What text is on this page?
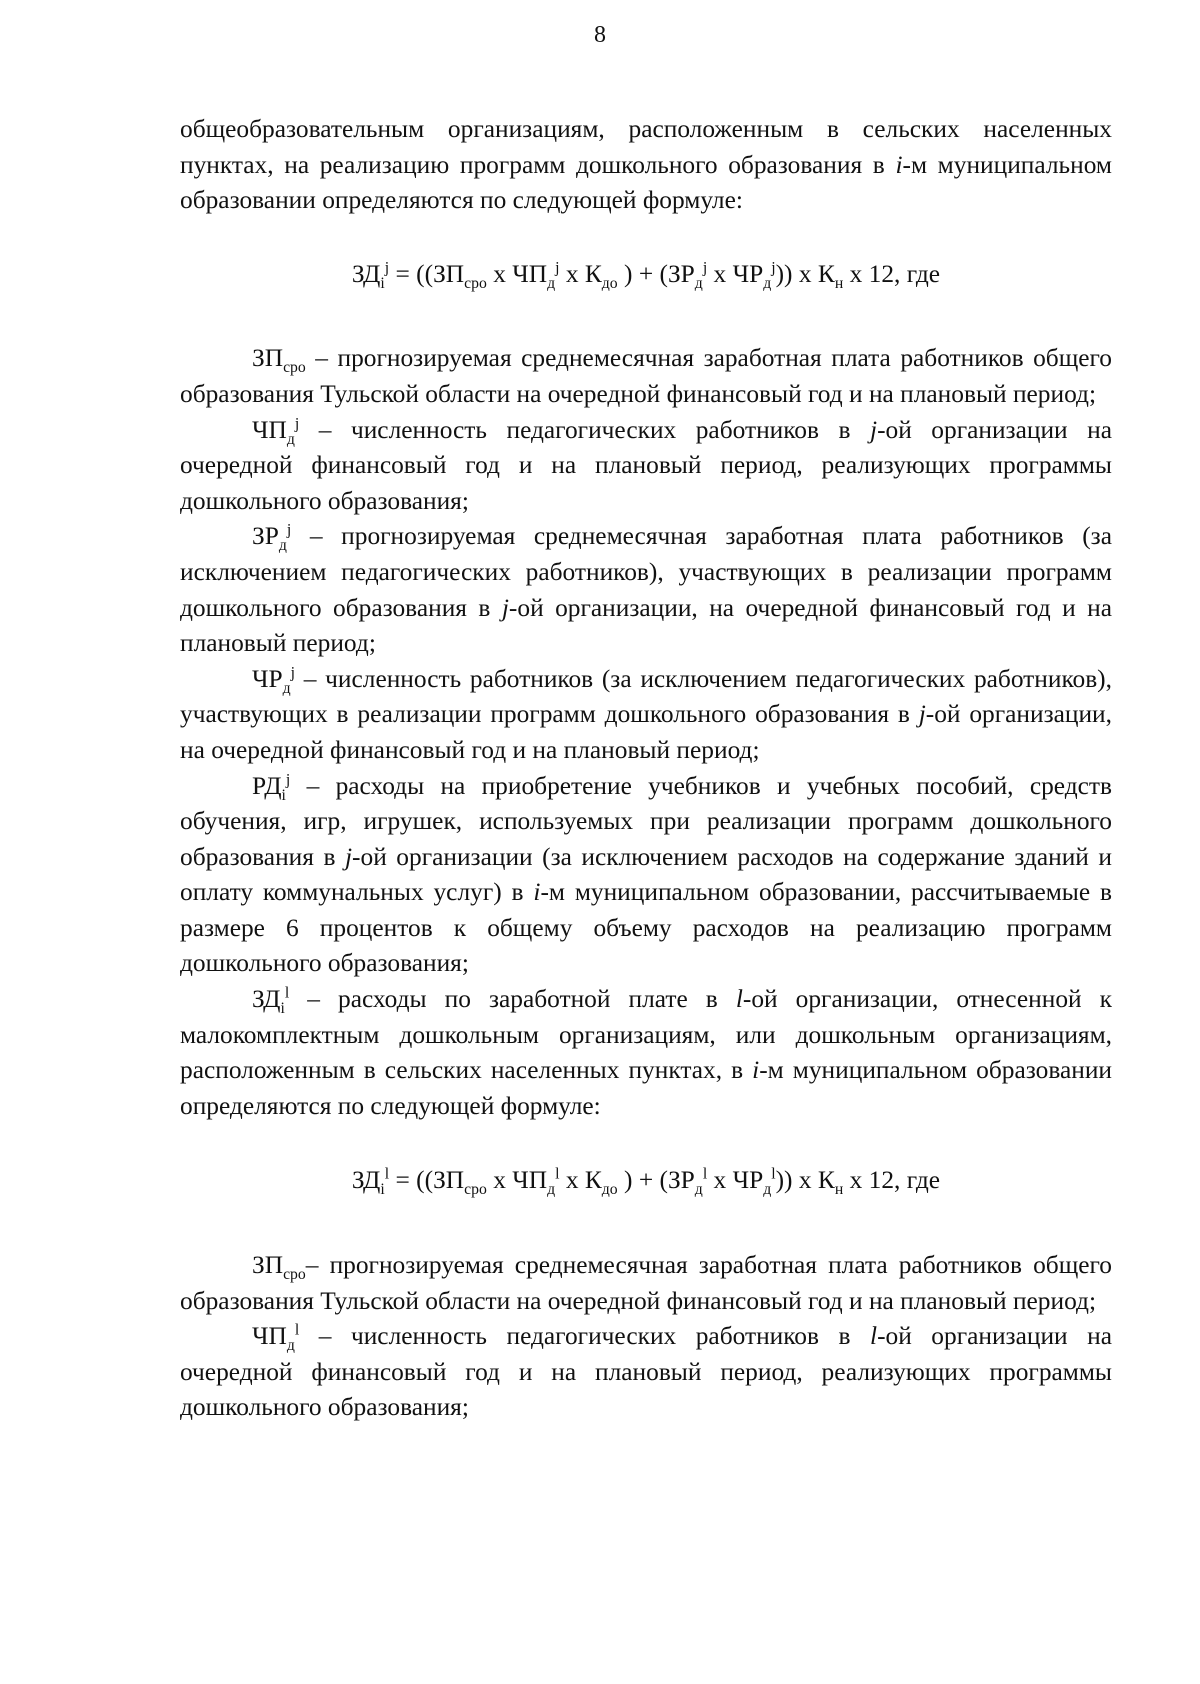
8

общеобразовательным организациям, расположенным в сельских населенных пунктах, на реализацию программ дошкольного образования в i-м муниципальном образовании определяются по следующей формуле:

$ЗД_i^j = ((ЗП_{сро}$ х $ЧП_д^j$ х $К_{до}$ ) + ($ЗР_д^j$ х $ЧР_д^j$)) х $К_н$ х 12, где

$ЗП_{сро}$ – прогнозируемая среднемесячная заработная плата работников общего образования Тульской области на очередной финансовый год и на плановый период;

$ЧП_д^j$ – численность педагогических работников в j-ой организации на очередной финансовый год и на плановый период, реализующих программы дошкольного образования;

$ЗР_д^j$ – прогнозируемая среднемесячная заработная плата работников (за исключением педагогических работников), участвующих в реализации программ дошкольного образования в j-ой организации, на очередной финансовый год и на плановый период;

$ЧР_д^j$ – численность работников (за исключением педагогических работников), участвующих в реализации программ дошкольного образования в j-ой организации, на очередной финансовый год и на плановый период;

$РД_i^j$ – расходы на приобретение учебников и учебных пособий, средств обучения, игр, игрушек, используемых при реализации программ дошкольного образования в j-ой организации (за исключением расходов на содержание зданий и оплату коммунальных услуг) в i-м муниципальном образовании, рассчитываемые в размере 6 процентов к общему объему расходов на реализацию программ дошкольного образования;

$ЗД_i^l$ – расходы по заработной плате в l-ой организации, отнесенной к малокомплектным дошкольным организациям, или дошкольным организациям, расположенным в сельских населенных пунктах, в i-м муниципальном образовании определяются по следующей формуле:

$ЗД_i^l = ((ЗП_{сро}$ х $ЧП_д^l$ х $К_{до}$ ) + ($ЗР_д^l$ х $ЧР_д^l$)) х $К_н$ х 12, где

$ЗП_{сро}-$ прогнозируемая среднемесячная заработная плата работников общего образования Тульской области на очередной финансовый год и на плановый период;

$ЧП_д^l$ – численность педагогических работников в l-ой организации на очередной финансовый год и на плановый период, реализующих программы дошкольного образования;
